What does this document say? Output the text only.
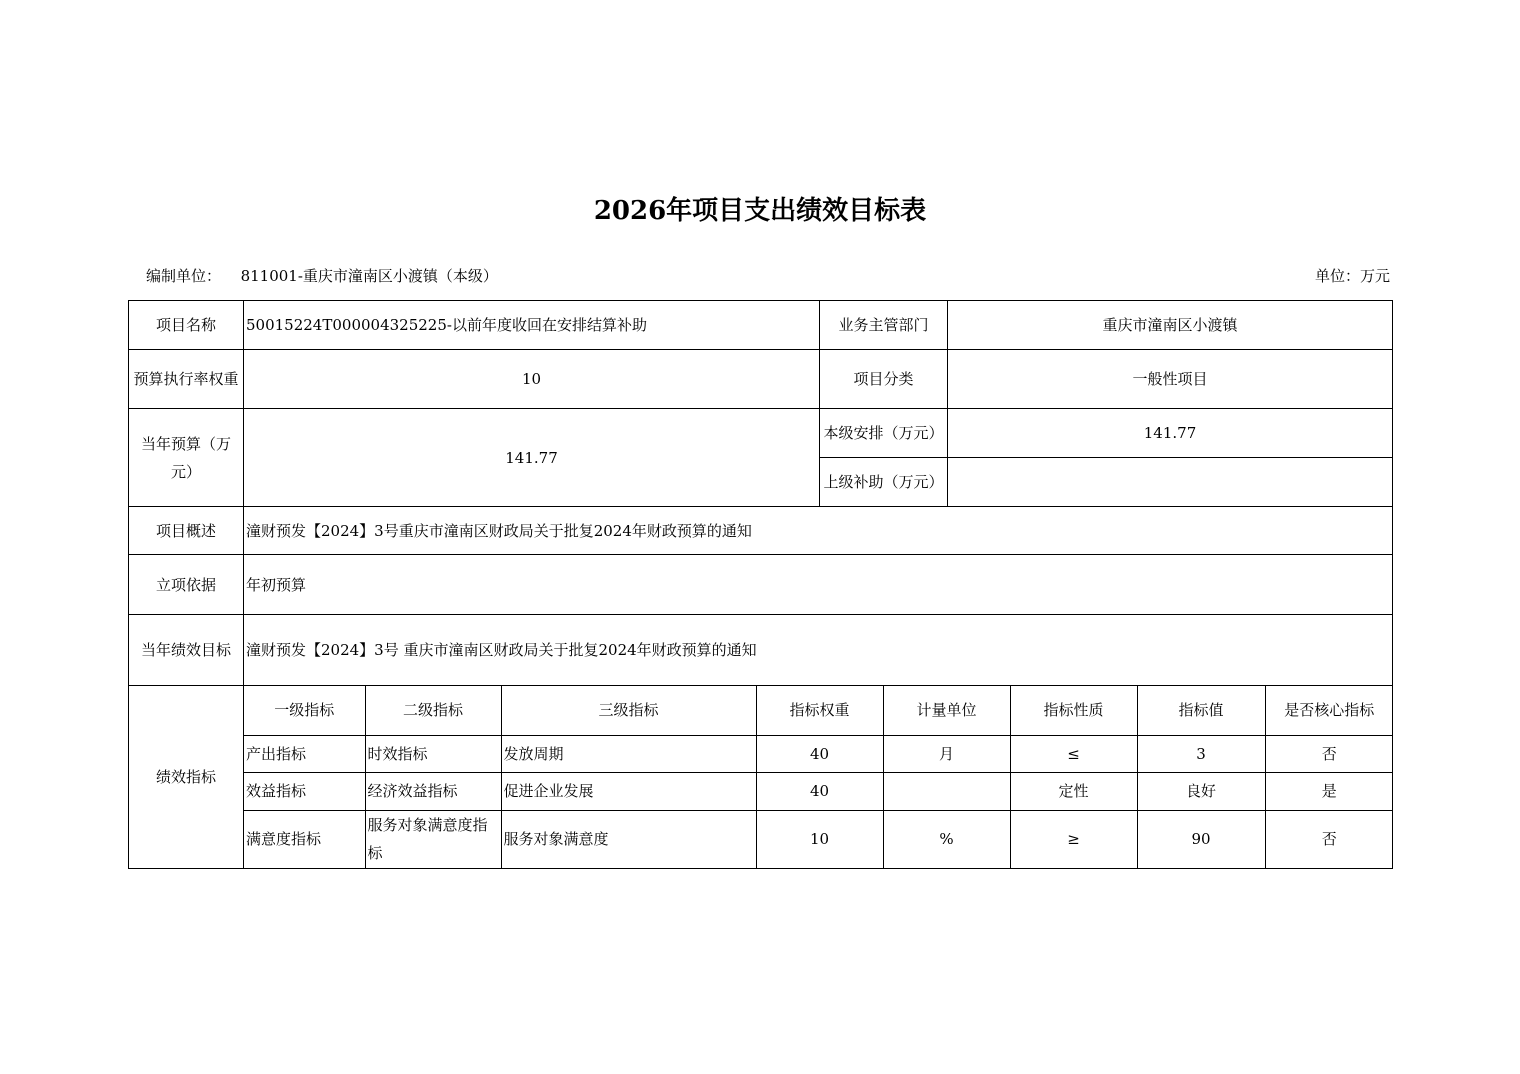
2026年项目支出绩效目标表
编制单位： 811001-重庆市潼南区小渡镇（本级）	单位：万元
项目名称	50015224T000004325225-以前年度收回在安排结算补助	业务主管部门	重庆市潼南区小渡镇
预算执行率权重	10	项目分类	一般性项目
当年预算（万元）	141.77	本级安排（万元）	141.77
上级补助（万元）	
项目概述	潼财预发【2024】3号重庆市潼南区财政局关于批复2024年财政预算的通知
立项依据	年初预算
当年绩效目标	潼财预发【2024】3号 重庆市潼南区财政局关于批复2024年财政预算的通知
绩效指标	
一级指标	二级指标	三级指标	指标权重	计量单位	指标性质	指标值	是否核心指标
产出指标	时效指标	发放周期	40	月	≤	3	否
效益指标	经济效益指标	促进企业发展	40		定性	良好	是
满意度指标	服务对象满意度指标	服务对象满意度	10	%	≥	90	否
